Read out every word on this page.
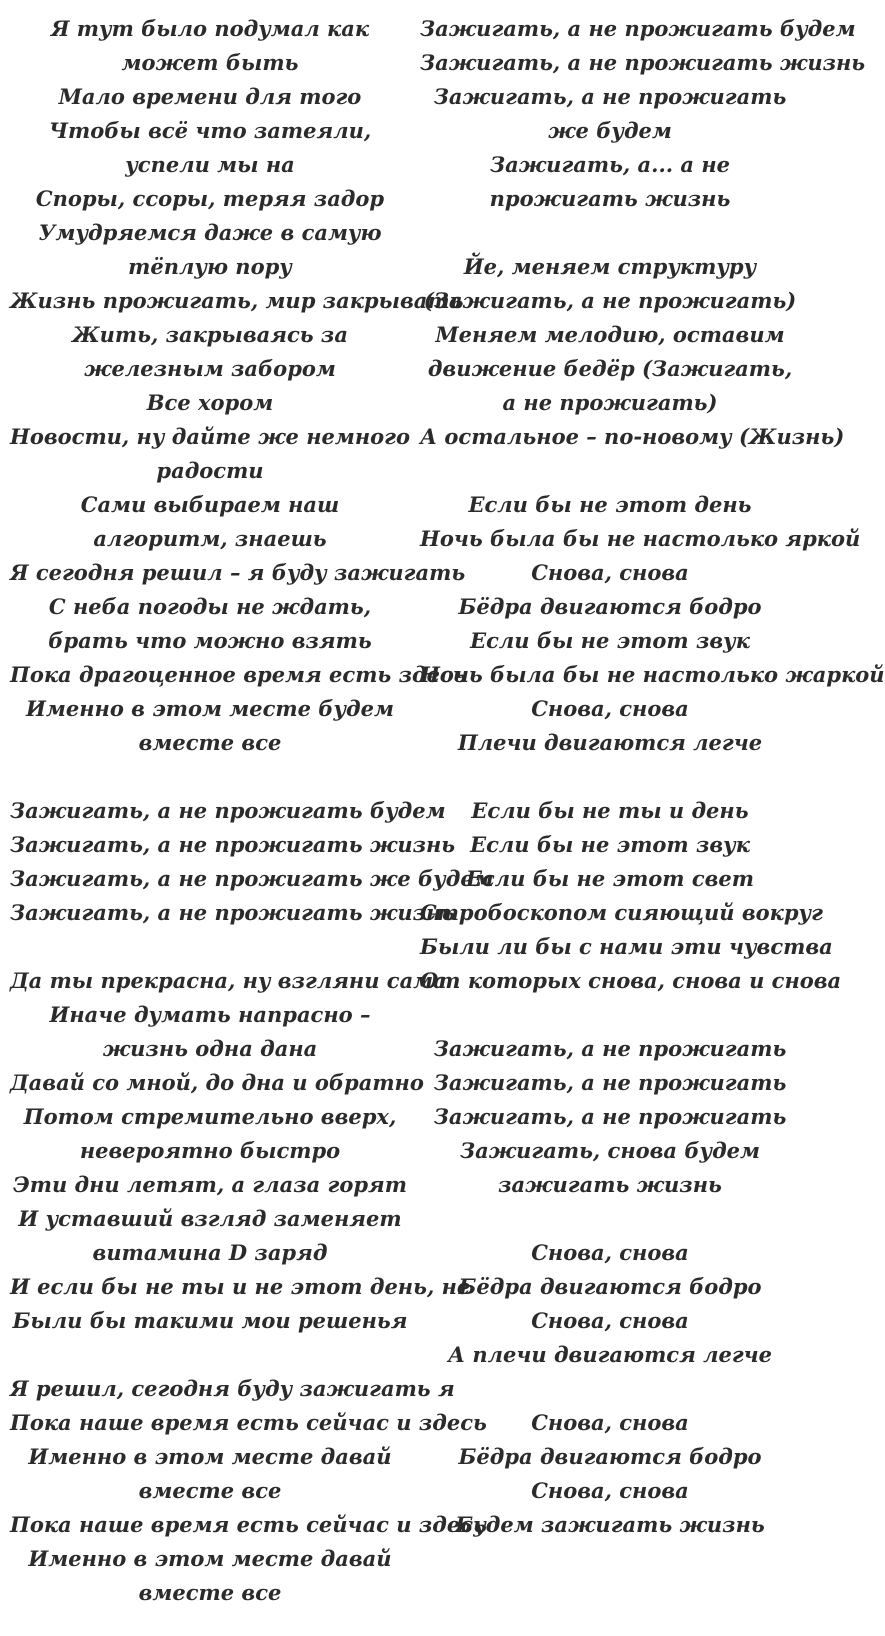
Я тут было подумал как может быть
Мало времени для того
Чтобы всё что затеяли, успели мы на
Споры, ссоры, теряя задор
Умудряемся даже в самую тёплую пору
Жизнь прожигать, мир закрывать
Жить, закрываясь за железным забором
Все хором
Новости, ну дайте же немного радости
Сами выбираем наш алгоритм, знаешь
Я сегодня решил – я буду зажигать
С неба погоды не ждать, брать что можно взять
Пока драгоценное время есть здесь
Именно в этом месте будем вместе все
Зажигать, а не прожигать будем
Зажигать, а не прожигать жизнь
Зажигать, а не прожигать же будем
Зажигать, а не прожигать жизнь
Да ты прекрасна, ну взгляни сама
Иначе думать напрасно – жизнь одна дана
Давай со мной, до дна и обратно
Потом стремительно вверх, невероятно быстро
Эти дни летят, а глаза горят
И уставший взгляд заменяет витамина D заряд
И если бы не ты и не этот день, не
Были бы такими мои решенья
Я решил, сегодня буду зажигать я
Пока наше время есть сейчас и здесь
Именно в этом месте давай вместе все
Пока наше время есть сейчас и здесь
Именно в этом месте давай вместе все
Зажигать, а не прожигать будем
Зажигать, а не прожигать жизнь
Зажигать, а не прожигать же будем
Зажигать, а... а не прожигать жизнь
Йе, меняем структуру (Зажигать, а не прожигать)
Меняем мелодию, оставим движение бедёр (Зажигать, а не прожигать)
А остальное – по-новому (Жизнь)
Если бы не этот день
Ночь была бы не настолько яркой
Снова, снова
Бёдра двигаются бодро
Если бы не этот звук
Ночь была бы не настолько жаркой
Снова, снова
Плечи двигаются легче
Если бы не ты и день
Если бы не этот звук
Если бы не этот свет
Стробоскопом сияющий вокруг
Были ли бы с нами эти чувства
От которых снова, снова и снова
Зажигать, а не прожигать
Зажигать, а не прожигать
Зажигать, а не прожигать
Зажигать, снова будем зажигать жизнь
Снова, снова
Бёдра двигаются бодро
Снова, снова
А плечи двигаются легче
Снова, снова
Бёдра двигаются бодро
Снова, снова
Будем зажигать жизнь
